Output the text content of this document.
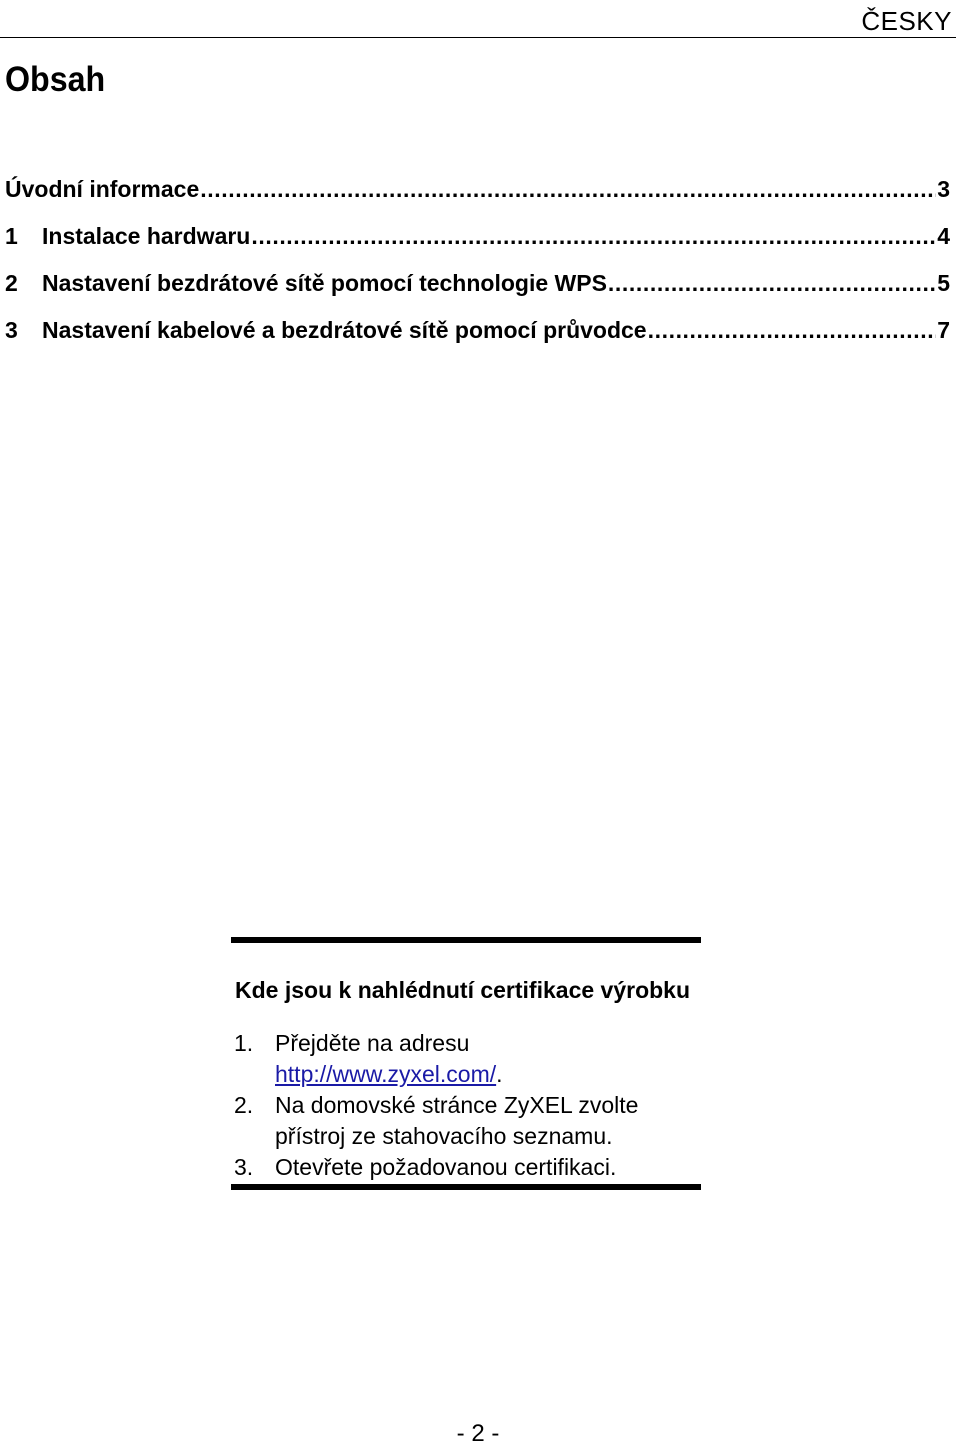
ČESKY
Obsah
Úvodní informace .....	3
1	Instalace hardwaru .....	4
2	Nastavení bezdrátové sítě pomocí technologie WPS .....	5
3	Nastavení kabelové a bezdrátové sítě pomocí průvodce .....	7
Kde jsou k nahlédnutí certifikace výrobku
1. Přejděte na adresu http://www.zyxel.com/.
2. Na domovské stránce ZyXEL zvolte přístroj ze stahovacího seznamu.
3. Otevřete požadovanou certifikaci.
- 2 -
